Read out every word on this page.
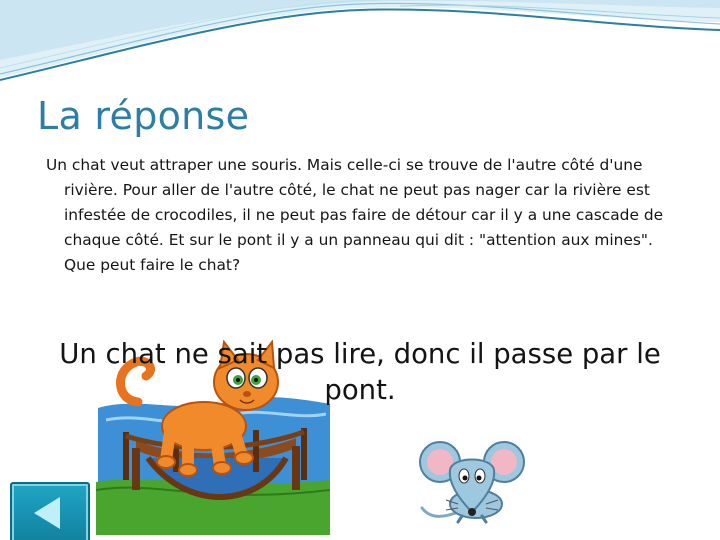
La réponse

Un chat veut attraper une souris. Mais celle-ci se trouve de l'autre côté d'une rivière. Pour aller de l'autre côté, le chat ne peut pas nager car la rivière est infestée de crocodiles, il ne peut pas faire de détour car il y a une cascade de chaque côté. Et sur le pont il y a un panneau qui dit : "attention aux mines".

Que peut faire le chat?

Un chat ne sait pas lire, donc il passe par le pont.
